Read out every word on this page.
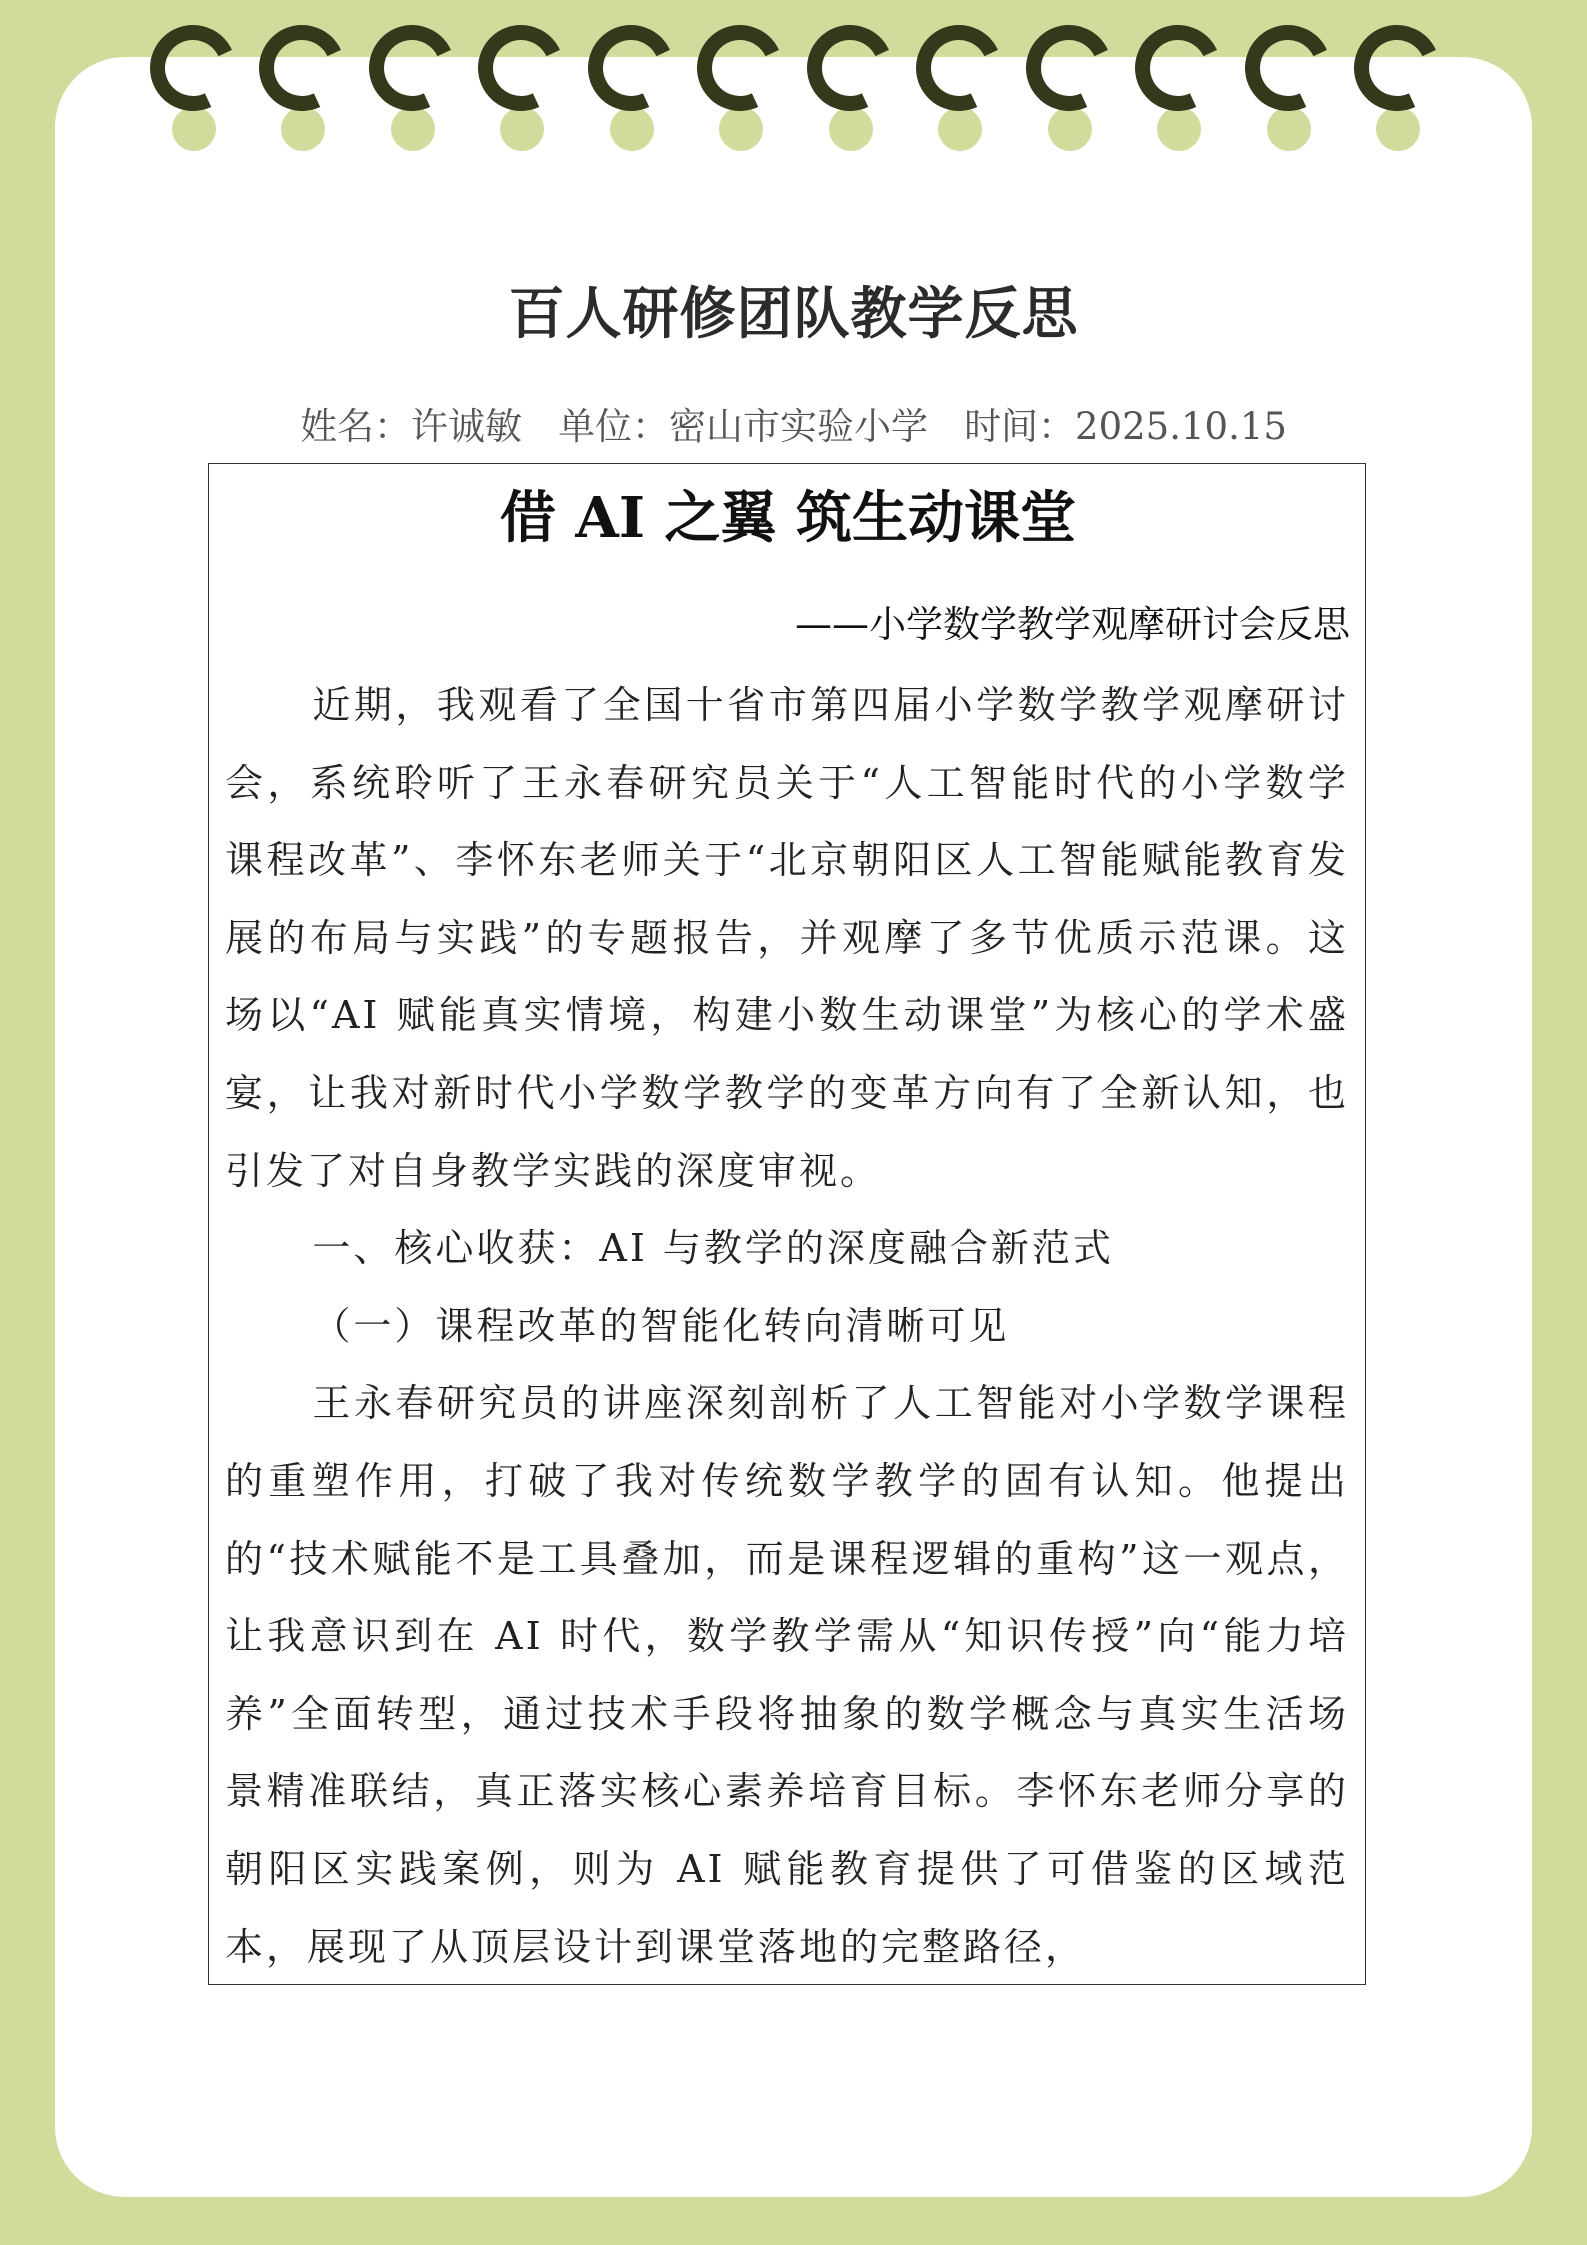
百人研修团队教学反思
姓名：许诚敏 单位：密山市实验小学 时间：2025.10.15
借 AI 之翼 筑生动课堂
——小学数学教学观摩研讨会反思

近期，我观看了全国十省市第四届小学数学教学观摩研讨会，系统聆听了王永春研究员关于“人工智能时代的小学数学课程改革”、李怀东老师关于“北京朝阳区人工智能赋能教育发展的布局与实践”的专题报告，并观摩了多节优质示范课。这场以“AI 赋能真实情境，构建小数生动课堂”为核心的学术盛宴，让我对新时代小学数学教学的变革方向有了全新认知，也引发了对自身教学实践的深度审视。

一、核心收获：AI 与教学的深度融合新范式

（一）课程改革的智能化转向清晰可见

王永春研究员的讲座深刻剖析了人工智能对小学数学课程的重塑作用，打破了我对传统数学教学的固有认知。他提出的“技术赋能不是工具叠加，而是课程逻辑的重构”这一观点，让我意识到在 AI 时代，数学教学需从“知识传授”向“能力培养”全面转型，通过技术手段将抽象的数学概念与真实生活场景精准联结，真正落实核心素养培育目标。李怀东老师分享的朝阳区实践案例，则为 AI 赋能教育提供了可借鉴的区域范本，展现了从顶层设计到课堂落地的完整路径，
